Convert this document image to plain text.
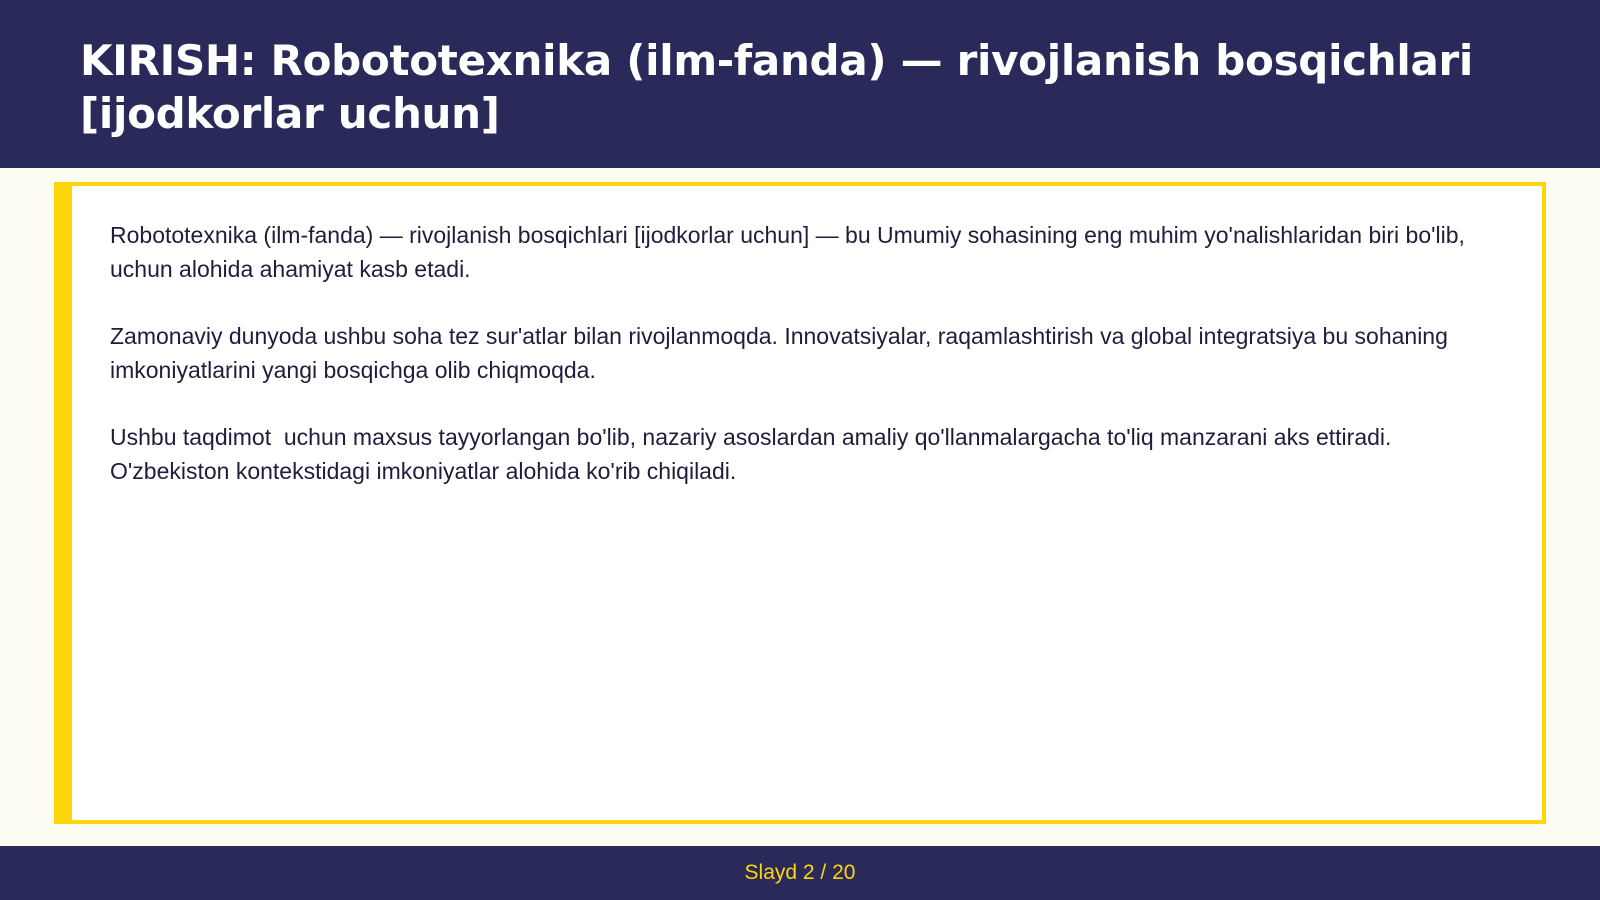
KIRISH: Robototexnika (ilm-fanda) — rivojlanish bosqichlari [ijodkorlar uchun]

Robototexnika (ilm-fanda) — rivojlanish bosqichlari [ijodkorlar uchun] — bu Umumiy sohasining eng muhim yo'nalishlaridan biri bo'lib,  uchun alohida ahamiyat kasb etadi.

Zamonaviy dunyoda ushbu soha tez sur'atlar bilan rivojlanmoqda. Innovatsiyalar, raqamlashtirish va global integratsiya bu sohaning imkoniyatlarini yangi bosqichga olib chiqmoqda.

Ushbu taqdimot  uchun maxsus tayyorlangan bo'lib, nazariy asoslardan amaliy qo'llanmalargacha to'liq manzarani aks ettiradi. O'zbekiston kontekstidagi imkoniyatlar alohida ko'rib chiqiladi.

Slayd 2 / 20
